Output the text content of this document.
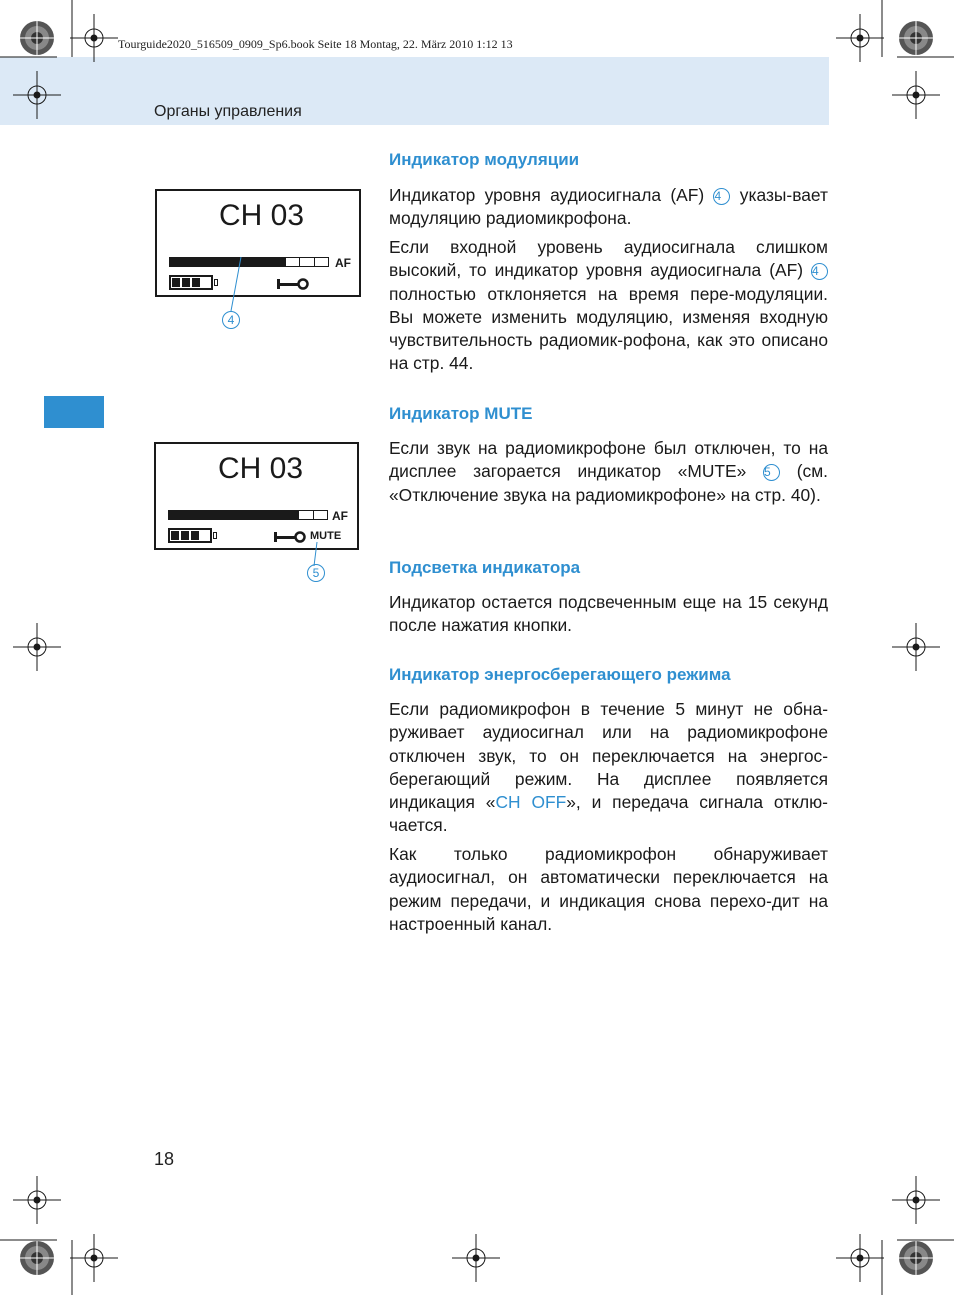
Tourguide2020_516509_0909_Sp6.book Seite 18 Montag, 22. März 2010 1:12 13
Органы управления
CH 03
AF
4
CH 03
AF
MUTE
5
Индикатор модуляции

Индикатор уровня аудиосигнала (AF) 4 указы-вает модуляцию радиомикрофона.

Если входной уровень аудиосигнала слишком высокий, то индикатор уровня аудиосигнала (AF) 4 полностью отклоняется на время пере-модуляции. Вы можете изменить модуляцию, изменяя входную чувствительность радиомик-рофона, как это описано на стр. 44.

Индикатор MUTE

Если звук на радиомикрофоне был отключен, то на дисплее загорается индикатор «MUTE» 5 (см. «Отключение звука на радиомикрофоне» на стр. 40).

Подсветка индикатора

Индикатор остается подсвеченным еще на 15 секунд после нажатия кнопки.

Индикатор энергосберегающего режима

Если радиомикрофон в течение 5 минут не обна-руживает аудиосигнал или на радиомикрофоне отключен звук, то он переключается на энергос-берегающий режим. На дисплее появляется индикация «CH OFF», и передача сигнала отклю-чается.

Как только радиомикрофон обнаруживает аудиосигнал, он автоматически переключается на режим передачи, и индикация снова перехо-дит на настроенный канал.

18
